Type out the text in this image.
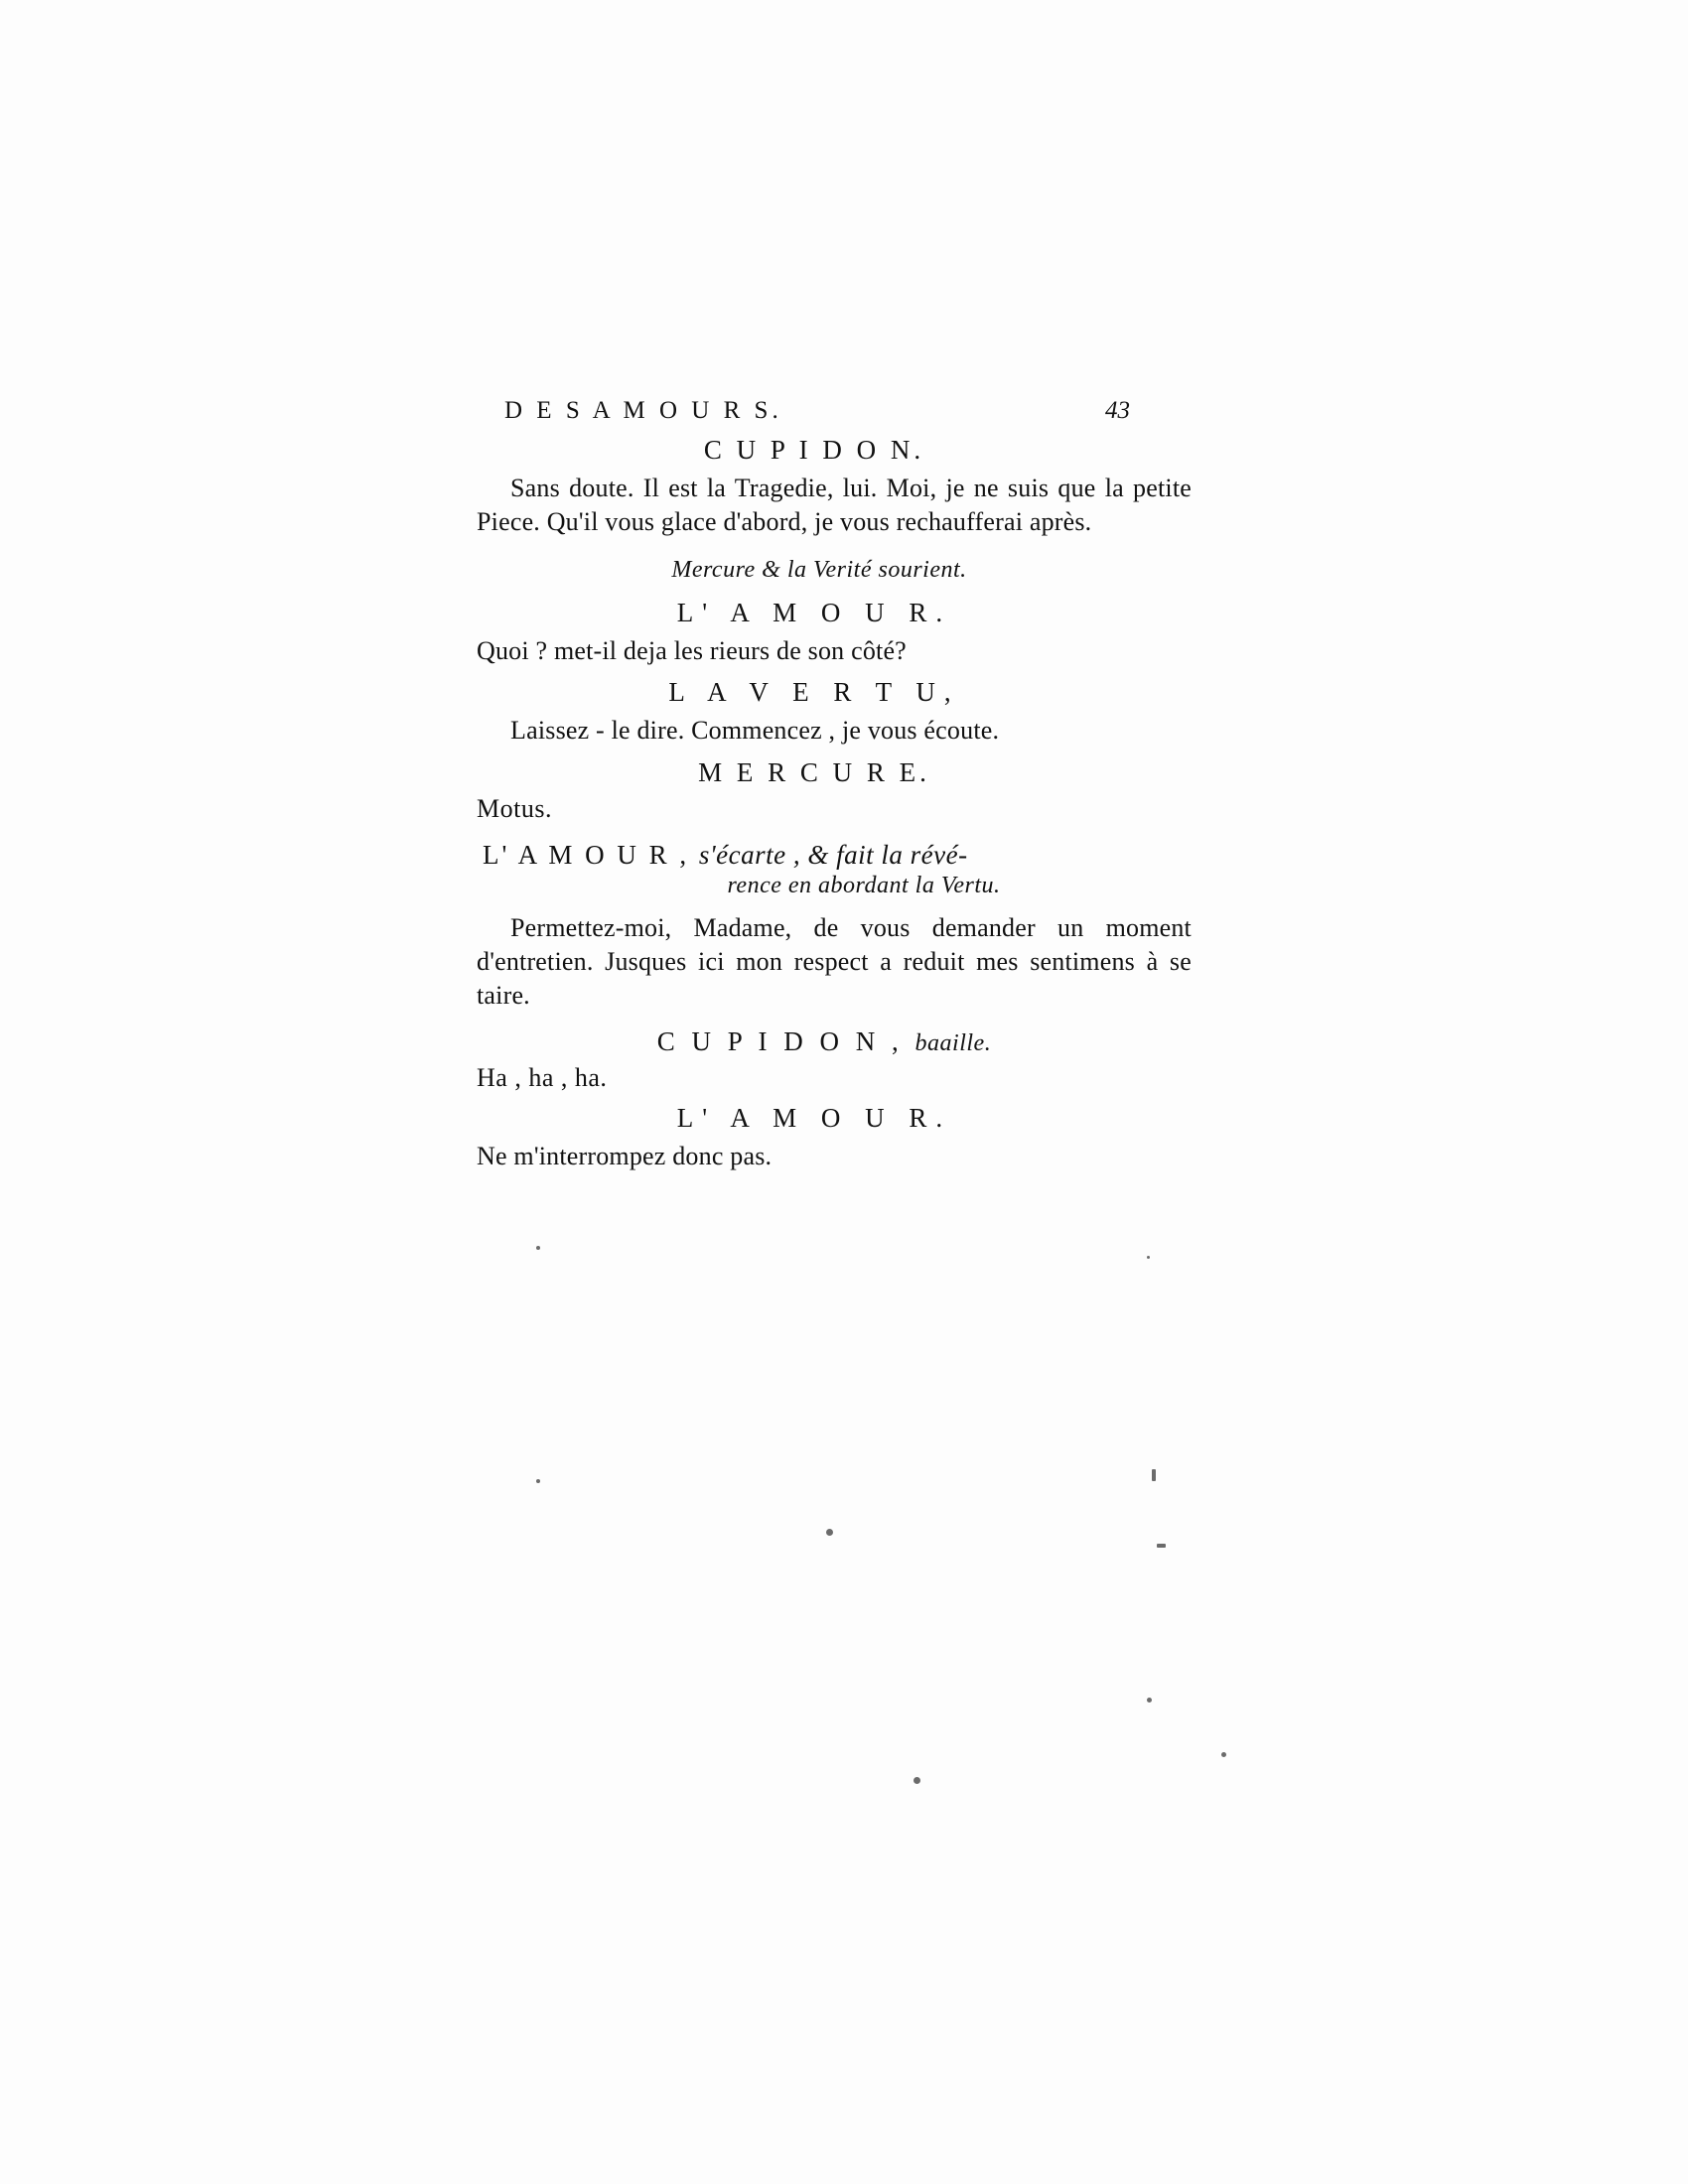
D E S A M O U R S.	43
C U P I D O N.
Sans doute. Il est la Tragedie, lui. Moi, je ne suis que la petite Piece. Qu'il vous glace d'abord, je vous rechaufferai après.
Mercure & la Verité sourient.
L' A M O U R.
Quoi ? met-il deja les rieurs de son côté?
L A V E R T U,
Laissez - le dire. Commencez , je vous écoute.
M E R C U R E.
Motus.
L' A M O U R , s'écarte , & fait la révé-
rence en abordant la Vertu.
Permettez-moi, Madame, de vous demander un moment d'entretien. Jusques ici mon respect a reduit mes sentimens à se taire.
C U P I D O N , baaille.
Ha , ha , ha.
L' A M O U R.
Ne m'interrompez donc pas.
